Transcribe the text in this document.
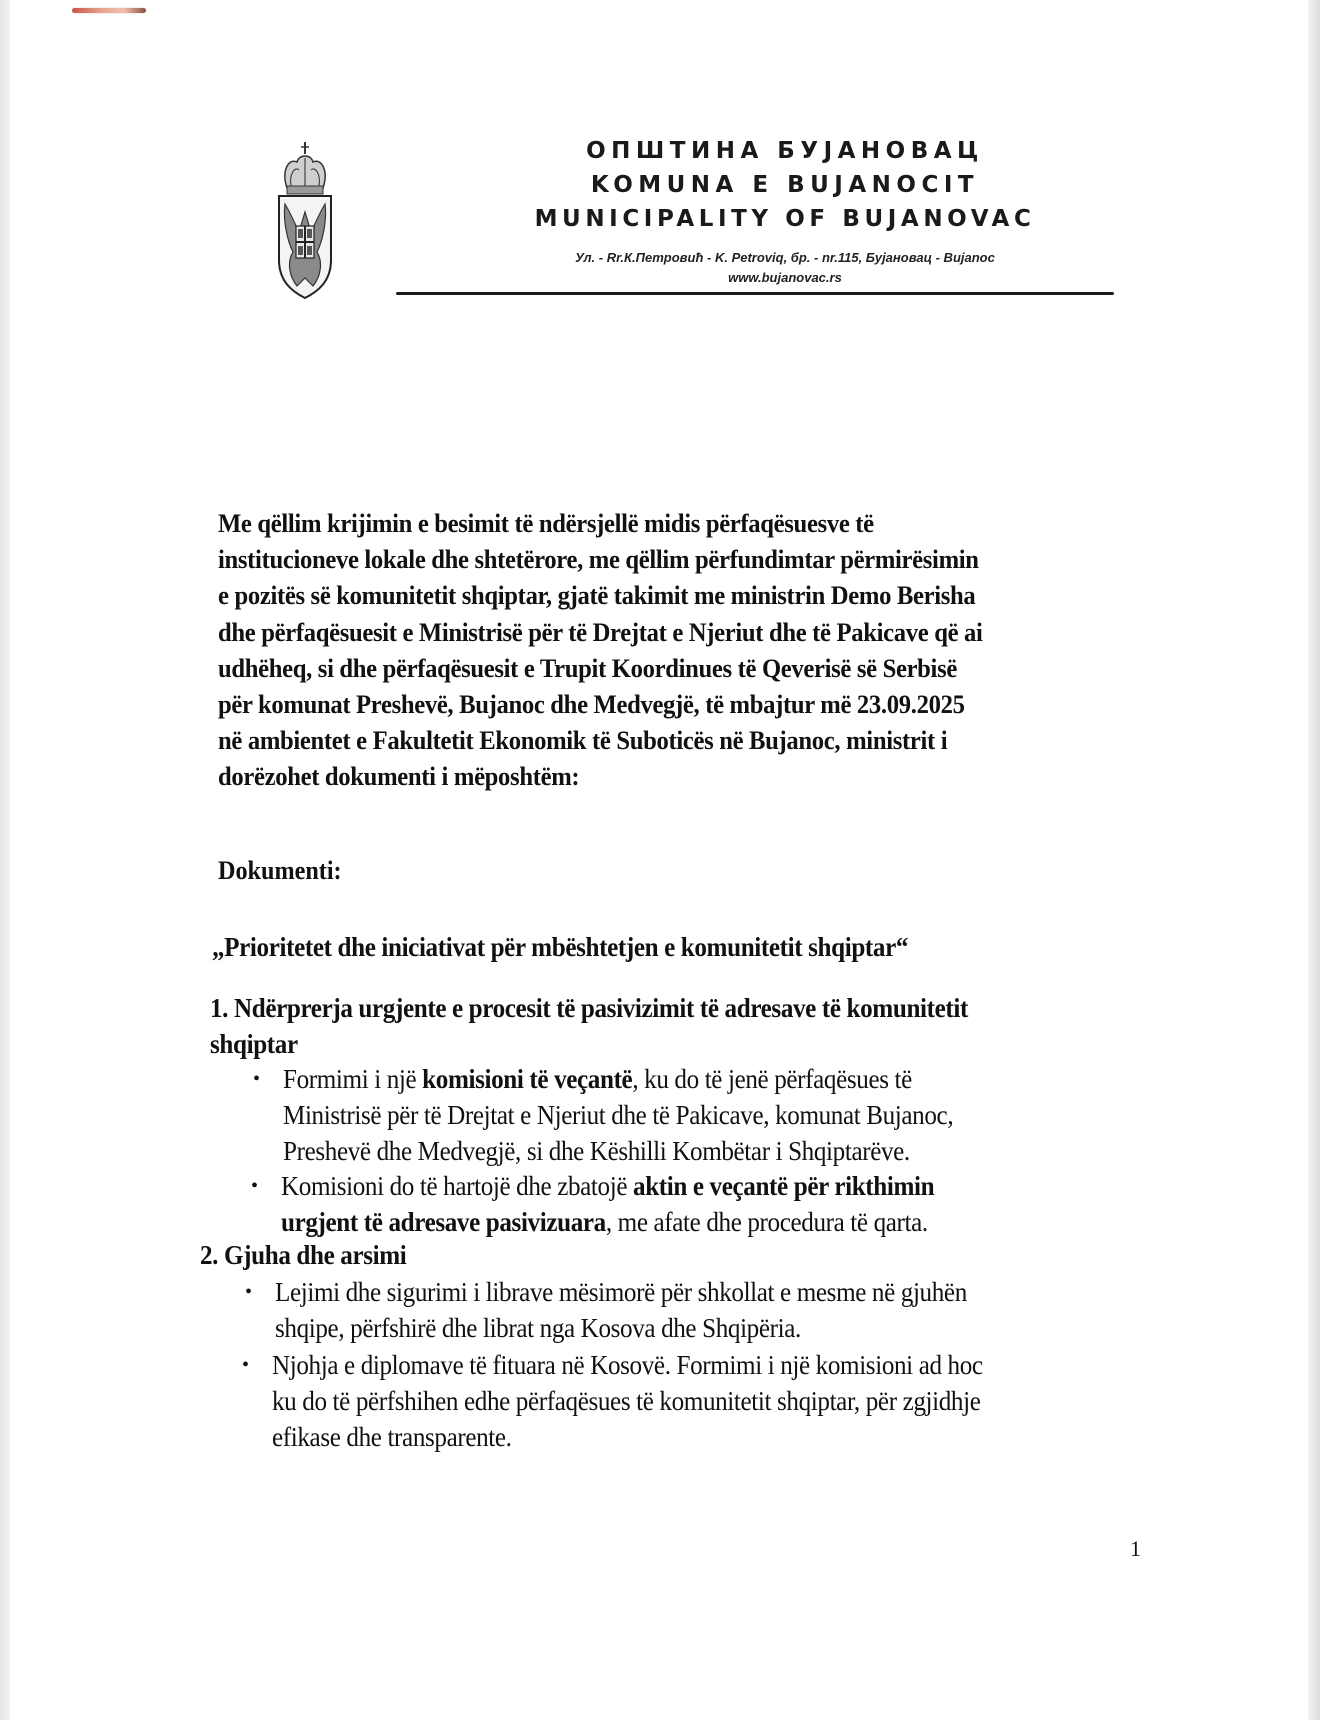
ОПШТИНА БУЈАНОВАЦ
KOMUNA E BUJANOCIT
MUNICIPALITY OF BUJANOVAC
Ул. - Rr.К.Петровић - K. Petroviq, бр. - nr.115, Бујановац - Bujanoc
www.bujanovac.rs

Me qëllim krijimin e besimit të ndërsjellë midis përfaqësuesve të
institucioneve lokale dhe shtetërore, me qëllim përfundimtar përmirësimin
e pozitës së komunitetit shqiptar, gjatë takimit me ministrin Demo Berisha
dhe përfaqësuesit e Ministrisë për të Drejtat e Njeriut dhe të Pakicave që ai
udhëheq, si dhe përfaqësuesit e Trupit Koordinues të Qeverisë së Serbisë
për komunat Preshevë, Bujanoc dhe Medvegjë, të mbajtur më 23.09.2025
në ambientet e Fakultetit Ekonomik të Suboticës në Bujanoc, ministrit i
dorëzohet dokumenti i mëposhtëm:

Dokumenti:
„Prioritetet dhe iniciativat për mbështetjen e komunitetit shqiptar“
1. Ndërprerja urgjente e procesit të pasivizimit të adresave të komunitetit
shqiptar
• Formimi i një komisioni të veçantë, ku do të jenë përfaqësues të
Ministrisë për të Drejtat e Njeriut dhe të Pakicave, komunat Bujanoc,
Preshevë dhe Medvegjë, si dhe Këshilli Kombëtar i Shqiptarëve.
• Komisioni do të hartojë dhe zbatojë aktin e veçantë për rikthimin
urgjent të adresave pasivizuara, me afate dhe procedura të qarta.
2. Gjuha dhe arsimi
• Lejimi dhe sigurimi i librave mësimorë për shkollat e mesme në gjuhën
shqipe, përfshirë dhe librat nga Kosova dhe Shqipëria.
• Njohja e diplomave të fituara në Kosovë. Formimi i një komisioni ad hoc
ku do të përfshihen edhe përfaqësues të komunitetit shqiptar, për zgjidhje
efikase dhe transparente.
1
